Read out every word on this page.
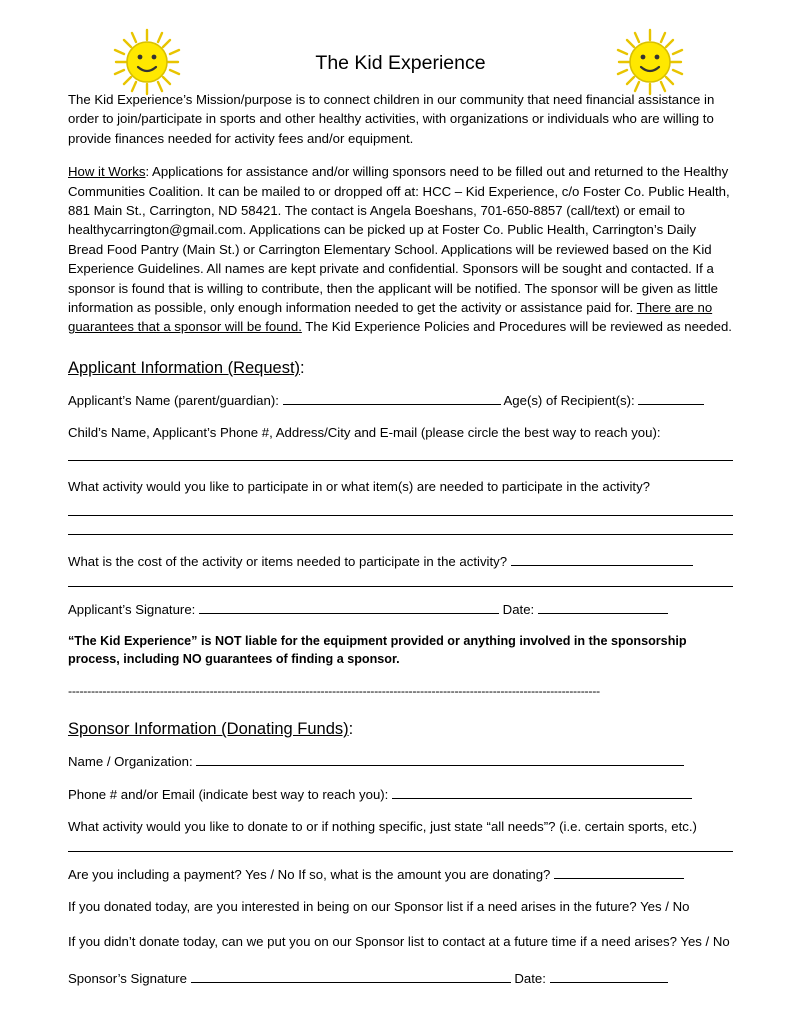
The Kid Experience

The Kid Experience’s Mission/purpose is to connect children in our community that need financial assistance in order to join/participate in sports and other healthy activities, with organizations or individuals who are willing to provide finances needed for activity fees and/or equipment.

How it Works: Applications for assistance and/or willing sponsors need to be filled out and returned to the Healthy Communities Coalition. It can be mailed to or dropped off at: HCC – Kid Experience, c/o Foster Co. Public Health, 881 Main St., Carrington, ND 58421. The contact is Angela Boeshans, 701-650-8857 (call/text) or email to healthycarrington@gmail.com. Applications can be picked up at Foster Co. Public Health, Carrington’s Daily Bread Food Pantry (Main St.) or Carrington Elementary School. Applications will be reviewed based on the Kid Experience Guidelines. All names are kept private and confidential. Sponsors will be sought and contacted. If a sponsor is found that is willing to contribute, then the applicant will be notified. The sponsor will be given as little information as possible, only enough information needed to get the activity or assistance paid for. There are no guarantees that a sponsor will be found. The Kid Experience Policies and Procedures will be reviewed as needed.

Applicant Information (Request):
Applicant’s Name (parent/guardian):	Age(s) of Recipient(s):
Child’s Name, Applicant’s Phone #, Address/City and E-mail (please circle the best way to reach you):
What activity would you like to participate in or what item(s) are needed to participate in the activity?
What is the cost of the activity or items needed to participate in the activity?
Applicant’s Signature:	Date:
“The Kid Experience” is NOT liable for the equipment provided or anything involved in the sponsorship process, including NO guarantees of finding a sponsor.
-------------------------------------------------------------------------------------------------------------------------------------------
Sponsor Information (Donating Funds):
Name / Organization:
Phone # and/or Email (indicate best way to reach you):
What activity would you like to donate to or if nothing specific, just state “all needs”? (i.e. certain sports, etc.)
Are you including a payment? Yes / No If so, what is the amount you are donating?
If you donated today, are you interested in being on our Sponsor list if a need arises in the future? Yes / No
If you didn’t donate today, can we put you on our Sponsor list to contact at a future time if a need arises? Yes / No
Sponsor’s Signature	Date:
